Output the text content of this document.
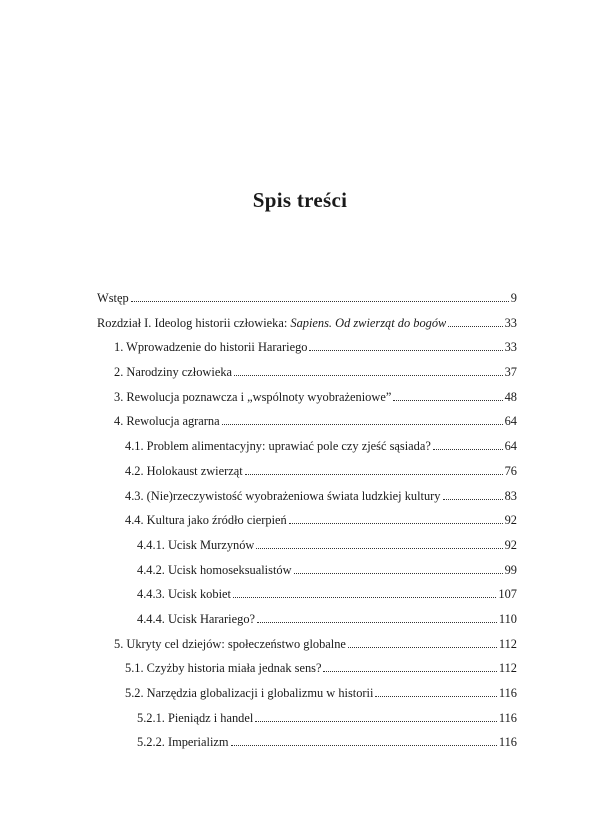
Spis treści
Wstęp	9
Rozdział I. Ideolog historii człowieka: Sapiens. Od zwierząt do bogów	33
1. Wprowadzenie do historii Harariego	33
2. Narodziny człowieka	37
3. Rewolucja poznawcza i „wspólnoty wyobrażeniowe”	48
4. Rewolucja agrarna	64
4.1. Problem alimentacyjny: uprawiać pole czy zjeść sąsiada?	64
4.2. Holokaust zwierząt	76
4.3. (Nie)rzeczywistość wyobrażeniowa świata ludzkiej kultury	83
4.4. Kultura jako źródło cierpień	92
4.4.1. Ucisk Murzynów	92
4.4.2. Ucisk homoseksualistów	99
4.4.3. Ucisk kobiet	107
4.4.4. Ucisk Harariego?	110
5. Ukryty cel dziejów: społeczeństwo globalne	112
5.1. Czyżby historia miała jednak sens?	112
5.2. Narzędzia globalizacji i globalizmu w historii	116
5.2.1. Pieniądz i handel	116
5.2.2. Imperializm	116
